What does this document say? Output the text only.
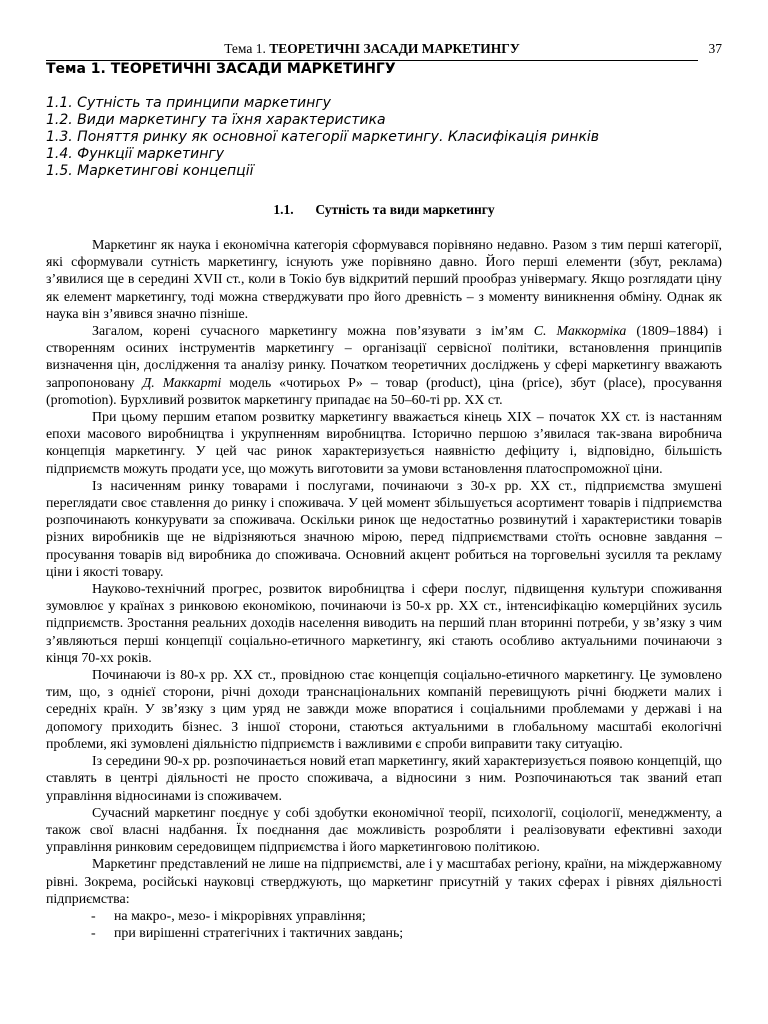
Тема 1. ТЕОРЕТИЧНІ ЗАСАДИ МАРКЕТИНГУ	37
Тема 1. ТЕОРЕТИЧНІ ЗАСАДИ МАРКЕТИНГУ
1.1. Сутність та принципи маркетингу
1.2. Види маркетингу та їхня характеристика
1.3. Поняття ринку як основної категорії маркетингу. Класифікація ринків
1.4. Функції маркетингу
1.5. Маркетингові концепції
1.1. Сутність та види маркетингу

Маркетинг як наука і економічна категорія сформувався порівняно недавно. Разом з тим перші категорії, які сформували сутність маркетингу, існують уже порівняно давно. Його перші елементи (збут, реклама) з’явилися ще в середині XVII ст., коли в Токіо був відкритий перший прообраз універмагу. Якщо розглядати ціну як елемент маркетингу, тоді можна стверджувати про його древність – з моменту виникнення обміну. Однак як наука він з’явився значно пізніше.

Загалом, корені сучасного маркетингу можна пов’язувати з ім’ям С. Маккорміка (1809–1884) і створенням осиних інструментів маркетингу – організації сервісної політики, встановлення принципів визначення цін, дослідження та аналізу ринку. Початком теоретичних досліджень у сфері маркетингу вважають запропоновану Д. Маккарті модель «чотирьох P» – товар (product), ціна (price), збут (place), просування (promotion). Бурхливий розвиток маркетингу припадає на 50–60-ті рр. XX ст.

При цьому першим етапом розвитку маркетингу вважається кінець XIX – початок XX ст. із настанням епохи масового виробництва і укрупненням виробництва. Історично першою з’явилася так-звана виробнича концепція маркетингу. У цей час ринок характеризується наявністю дефіциту і, відповідно, більшість підприємств можуть продати усе, що можуть виготовити за умови встановлення платоспроможної ціни.

Із насиченням ринку товарами і послугами, починаючи з 30-х рр. XX ст., підприємства змушені переглядати своє ставлення до ринку і споживача. У цей момент збільшується асортимент товарів і підприємства розпочинають конкурувати за споживача. Оскільки ринок ще недостатньо розвинутий і характеристики товарів різних виробників ще не відрізняються значною мірою, перед підприємствами стоїть основне завдання – просування товарів від виробника до споживача. Основний акцент робиться на торговельні зусилля та рекламу ціни і якості товару.

Науково-технічний прогрес, розвиток виробництва і сфери послуг, підвищення культури споживання зумовлює у країнах з ринковою економікою, починаючи із 50-х рр. XX ст., інтенсифікацію комерційних зусиль підприємств. Зростання реальних доходів населення виводить на перший план вторинні потреби, у зв’язку з чим з’являються перші концепції соціально-етичного маркетингу, які стають особливо актуальними починаючи з кінця 70-хх років.

Починаючи із 80-х рр. XX ст., провідною стає концепція соціально-етичного маркетингу. Це зумовлено тим, що, з однієї сторони, річні доходи транснаціональних компаній перевищують річні бюджети малих і середніх країн. У зв’язку з цим уряд не завжди може впоратися і соціальними проблемами у державі і на допомогу приходить бізнес. З іншої сторони, стаються актуальними в глобальному масштабі екологічні проблеми, які зумовлені діяльністю підприємств і важливими є спроби виправити таку ситуацію.

Із середини 90-х рр. розпочинається новий етап маркетингу, який характеризується появою концепцій, що ставлять в центрі діяльності не просто споживача, а відносини з ним. Розпочинаються так званий етап управління відносинами із споживачем.

Сучасний маркетинг поєднує у собі здобутки економічної теорії, психології, соціології, менеджменту, а також свої власні надбання. Їх поєднання дає можливість розробляти і реалізовувати ефективні заходи управління ринковим середовищем підприємства і його маркетинговою політикою.

Маркетинг представлений не лише на підприємстві, але і у масштабах регіону, країни, на міждержавному рівні. Зокрема, російські науковці стверджують, що маркетинг присутній у таких сферах і рівнях діяльності підприємства:

- на макро-, мезо- і мікрорівнях управління;
- при вирішенні стратегічних і тактичних завдань;
